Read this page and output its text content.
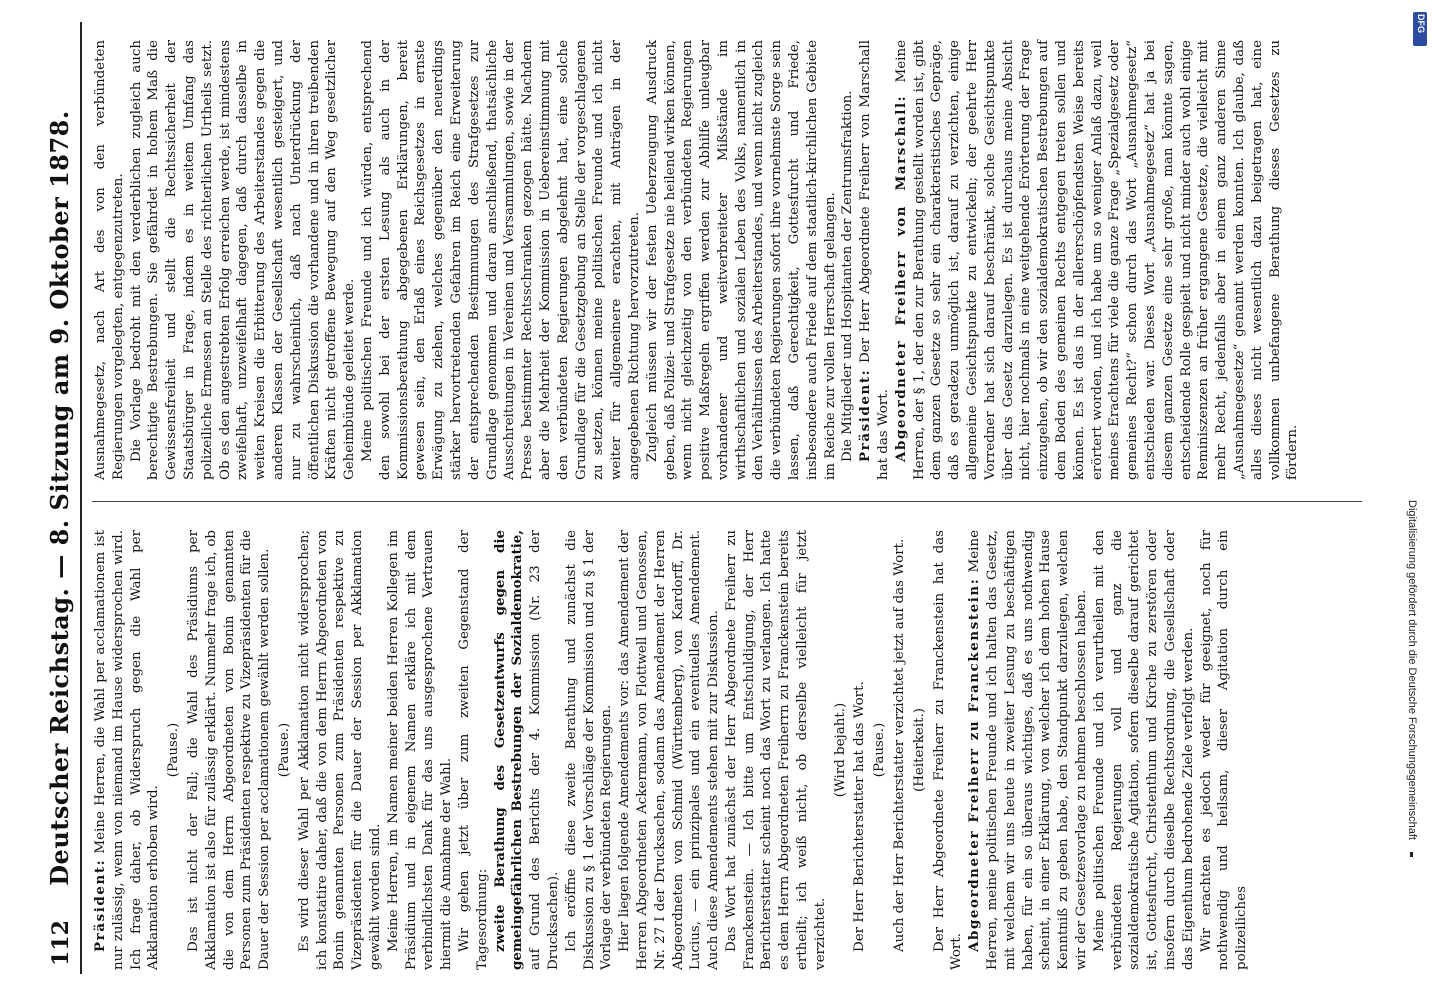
112
Deutscher Reichstag. — 8. Sitzung am 9. Oktober 1878.

Präsident: Meine Herren, die Wahl per acclamationem ist nur zulässig, wenn von niemand im Hause widersprochen wird. Ich frage daher, ob Widerspruch gegen die Wahl per Akklamation erhoben wird.

(Pause.) Das ist nicht der Fall; die Wahl des Präsidiums per Akklamation ist also für zulässig erklärt. Nunmehr frage ich, ob die von dem Herrn Abgeordneten von Bonin genannten Personen zum Präsidenten respektive zu Vizepräsidenten für die Dauer der Session per acclamationem gewählt werden sollen. (Pause.) Es wird dieser Wahl per Akklamation nicht widersprochen; ich konstatire daher, daß die von dem Herrn Abgeordneten von Bonin genannten Personen zum Präsidenten respektive zu Vizepräsidenten für die Dauer der Session per Akklamation gewählt worden sind. Meine Herren, im Namen meiner beiden Herren Kollegen im Präsidium und in eigenem Namen erkläre ich mit dem verbindlichsten Dank für das uns ausgesprochene Vertrauen hiermit die Annahme der Wahl. Wir gehen jetzt über zum zweiten Gegenstand der Tagesordnung: zweite Berathung des Gesetzentwurfs gegen die gemeingefährlichen Bestrebungen der Sozialdemokratie, auf Grund des Berichts der 4. Kommission (Nr. 23 der Drucksachen). Ich eröffne diese zweite Berathung und zunächst die Diskussion zu § 1 der Vorschläge der Kommission und zu § 1 der Vorlage der verbündeten Regierungen. Hier liegen folgende Amendements vor: das Amendement der Herren Abgeordneten Ackermann, von Flottwell und Genossen, Nr. 27 I der Drucksachen, sodann das Amendement der Herren Abgeordneten von Schmid (Württemberg), von Kardorff, Dr. Lucius, — ein prinzipales und ein eventuelles Amendement. Auch diese Amendements stehen mit zur Diskussion. Das Wort hat zunächst der Herr Abgeordnete Freiherr zu Franckenstein. — Ich bitte um Entschuldigung, der Herr Berichterstatter scheint noch das Wort zu verlangen. Ich hatte es dem Herrn Abgeordneten Freiherrn zu Franckenstein bereits ertheilt; ich weiß nicht, ob derselbe vielleicht für jetzt verzichtet.

(Wird bejaht.) Der Herr Berichterstatter hat das Wort. (Pause.) Auch der Herr Berichterstatter verzichtet jetzt auf das Wort. (Heiterkeit.) Der Herr Abgeordnete Freiherr zu Franckenstein hat das Wort. Abgeordneter Freiherr zu Franckenstein: Meine Herren, meine politischen Freunde und ich halten das Gesetz, mit welchem wir uns heute in zweiter Lesung zu beschäftigen haben, für ein so überaus wichtiges, daß es uns nothwendig scheint, in einer Erklärung, von welcher ich dem hohen Hause Kenntniß zu geben habe, den Standpunkt darzulegen, welchen wir der Gesetzesvorlage zu nehmen beschlossen haben. Meine politischen Freunde und ich verurtheilen mit den verbündeten Regierungen voll und ganz die sozialdemokratische Agitation, sofern dieselbe darauf gerichtet ist, Gottesfurcht, Christenthum und Kirche zu zerstören oder insofern durch dieselbe Rechtsordnung, die Gesellschaft oder das Eigenthum bedrohende Ziele verfolgt werden. Wir erachten es jedoch weder für geeignet, noch für nothwendig und heilsam, dieser Agitation durch ein polizeiliches

Ausnahmegesetz, nach Art des von den verbündeten Regierungen vorgelegten, entgegenzutreten. Die Vorlage bedroht mit den verderblichen zugleich auch berechtigte Bestrebungen. Sie gefährdet in hohem Maß die Gewissensfreiheit und stellt die Rechtssicherheit der Staatsbürger in Frage, indem es in weitem Umfang das polizeiliche Ermessen an Stelle des richterlichen Urtheils setzt. Ob es den angestrebten Erfolg erreichen werde, ist mindestens zweifelhaft, unzweifelhaft dagegen, daß durch dasselbe in weiten Kreisen die Erbitterung des Arbeiterstandes gegen die anderen Klassen der Gesellschaft wesentlich gesteigert, und nur zu wahrscheinlich, daß nach Unterdrückung der öffentlichen Diskussion die vorhandene und in ihren treibenden Kräften nicht getroffene Bewegung auf den Weg gesetzlicher Geheimbünde geleitet werde. Meine politischen Freunde und ich würden, entsprechend den sowohl bei der ersten Lesung als auch in der Kommissionsberathung abgegebenen Erklärungen, bereit gewesen sein, den Erlaß eines Reichsgesetzes in ernste Erwägung zu ziehen, welches gegenüber den neuerdings stärker hervortretenden Gefahren im Reich eine Erweiterung der entsprechenden Bestimmungen des Strafgesetzes zur Grundlage genommen und daran anschließend, thatsächliche Ausschreitungen in Vereinen und Versammlungen, sowie in der Presse bestimmter Rechtsschranken gezogen hätte. Nachdem aber die Mehrheit der Kommission in Uebereinstimmung mit den verbündeten Regierungen abgelehnt hat, eine solche Grundlage für die Gesetzgebung an Stelle der vorgeschlagenen zu setzen, können meine politischen Freunde und ich nicht weiter für allgemeinere erachten, mit Anträgen in der angegebenen Richtung hervorzutreten. Zugleich müssen wir der festen Ueberzeugung Ausdruck geben, daß Polizei- und Strafgesetze nie heilend wirken können, wenn nicht gleichzeitig von den verbündeten Regierungen positive Maßregeln ergriffen werden zur Abhilfe unleugbar vorhandener und weitverbreiteter Mißstände im wirthschaftlichen und sozialen Leben des Volks, namentlich in den Verhältnissen des Arbeiterstandes, und wenn nicht zugleich die verbündeten Regierungen sofort ihre vornehmste Sorge sein lassen, daß Gerechtigkeit, Gottesfurcht und Friede, insbesondere auch Friede auf dem staatlich-kirchlichen Gebiete im Reiche zur vollen Herrschaft gelangen. Die Mitglieder und Hospitanten der Zentrumsfraktion. Präsident: Der Herr Abgeordnete Freiherr von Marschall hat das Wort. Abgeordneter Freiherr von Marschall: Meine Herren, der § 1, der den zur Berathung gestellt worden ist, gibt dem ganzen Gesetze so sehr ein charakteristisches Gepräge, daß es geradezu unmöglich ist, darauf zu verzichten, einige allgemeine Gesichtspunkte zu entwickeln; der geehrte Herr Vorredner hat sich darauf beschränkt, solche Gesichtspunkte über das Gesetz darzulegen. Es ist durchaus meine Absicht nicht, hier nochmals in eine weitgehende Erörterung der Frage einzugehen, ob wir den sozialdemokratischen Bestrebungen auf dem Boden des gemeinen Rechts entgegen treten sollen und können. Es ist das in der allererschöpfendsten Weise bereits erörtert worden, und ich habe um so weniger Anlaß dazu, weil meines Erachtens für viele die ganze Frage „Spezialgesetz oder gemeines Recht?“ schon durch das Wort „Ausnahmegesetz“ entschieden war. Dieses Wort „Ausnahmegesetz“ hat ja bei diesem ganzen Gesetze eine sehr große, man könnte sagen, entscheidende Rolle gespielt und nicht minder auch wohl einige Reminiszenzen an früher ergangene Gesetze, die vielleicht mit mehr Recht, jedenfalls aber in einem ganz anderen Sinne „Ausnahmegesetze“ genannt werden konnten. Ich glaube, daß alles dieses nicht wesentlich dazu beigetragen hat, eine vollkommen unbefangene Berathung dieses Gesetzes zu fördern.

Digitalisierung gefördert durch die Deutsche Forschungsgemeinschaft
DFG
